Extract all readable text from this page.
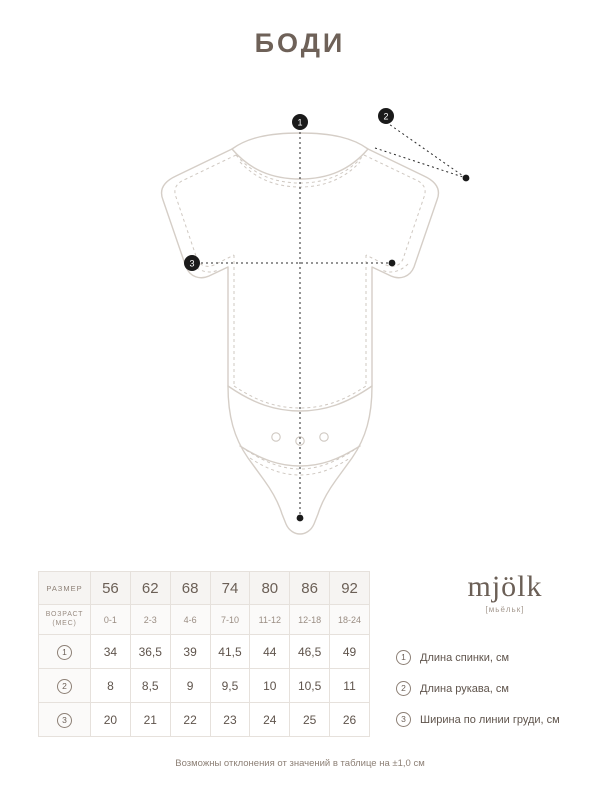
БОДИ
1
2
3
РАЗМЕР	56	62	68	74	80	86	92

ВОЗРАСТ
(МЕС)	0-1	2-3	4-6	7-10	11-12	12-18	18-24
1	34	36,5	39	41,5	44	46,5	49
2	8	8,5	9	9,5	10	10,5	11
3	20	21	22	23	24	25	26
mjölk
[мьёльк]
1	Длина спинки, см
2	Длина рукава, см
3	Ширина по линии груди, см
Возможны отклонения от значений в таблице на ±1,0 см
